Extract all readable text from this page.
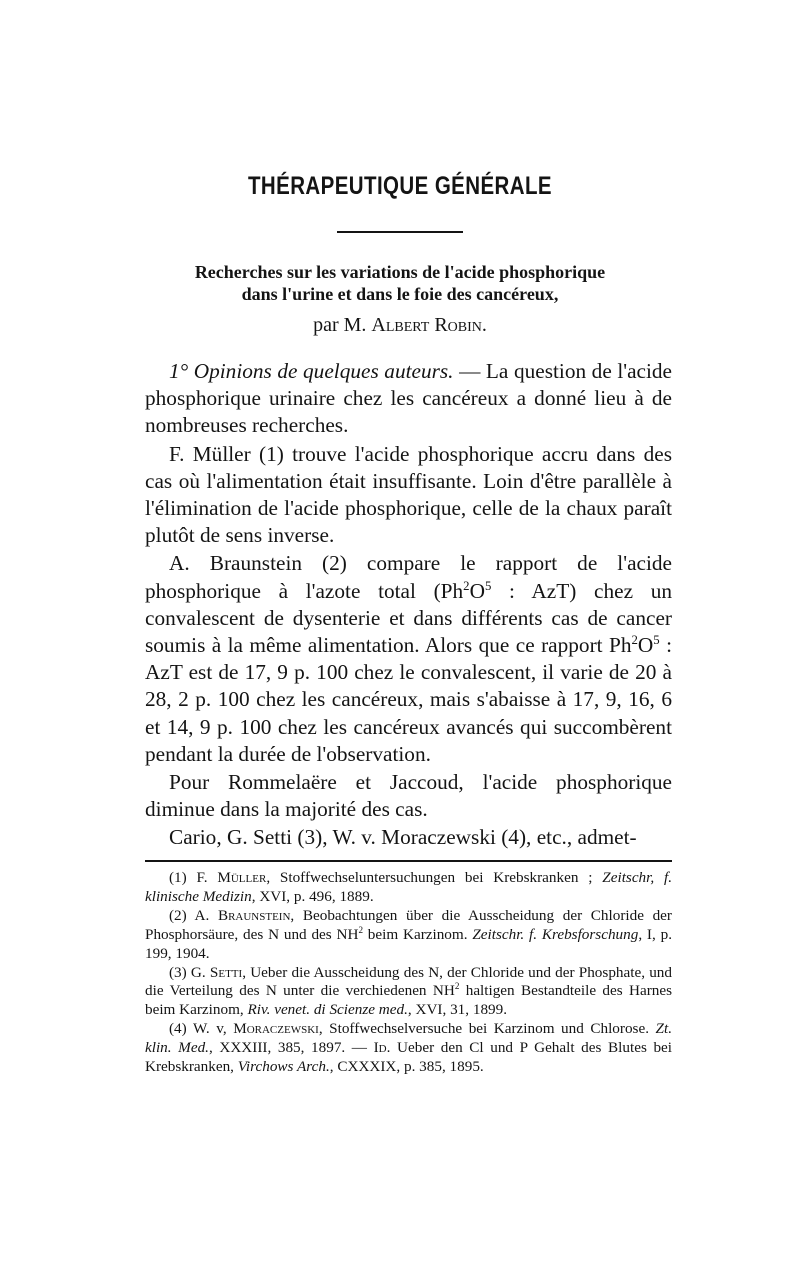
THÉRAPEUTIQUE GÉNÉRALE
Recherches sur les variations de l'acide phosphorique
dans l'urine et dans le foie des cancéreux,
par M. Albert Robin.

1° Opinions de quelques auteurs. — La question de l'acide phosphorique urinaire chez les cancéreux a donné lieu à de nombreuses recherches.

F. Müller (1) trouve l'acide phosphorique accru dans des cas où l'alimentation était insuffisante. Loin d'être parallèle à l'élimination de l'acide phosphorique, celle de la chaux paraît plutôt de sens inverse.

A. Braunstein (2) compare le rapport de l'acide phosphorique à l'azote total ($Ph^2O^5$ : AzT) chez un convalescent de dysenterie et dans différents cas de cancer soumis à la même alimentation. Alors que ce rapport $Ph^2O^5$ : AzT est de 17, 9 p. 100 chez le convalescent, il varie de 20 à 28, 2 p. 100 chez les cancéreux, mais s'abaisse à 17, 9, 16, 6 et 14, 9 p. 100 chez les cancéreux avancés qui succombèrent pendant la durée de l'observation.

Pour Rommelaëre et Jaccoud, l'acide phosphorique diminue dans la majorité des cas.

Cario, G. Setti (3), W. v. Moraczewski (4), etc., admet-

(1) F. Müller, Stoffwechseluntersuchungen bei Krebskranken ; Zeitschr, f. klinische Medizin, XVI, p. 496, 1889.

(2) A. Braunstein, Beobachtungen über die Ausscheidung der Chloride der Phosphorsäure, des N und des $NH^2$ beim Karzinom. Zeitschr. f. Krebsforschung, I, p. 199, 1904.

(3) G. Setti, Ueber die Ausscheidung des N, der Chloride und der Phosphate, und die Verteilung des N unter die verchiedenen $NH^2$ haltigen Bestandteile des Harnes beim Karzinom, Riv. venet. di Scienze med., XVI, 31, 1899.

(4) W. v, Moraczewski, Stoffwechselversuche bei Karzinom und Chlorose. Zt. klin. Med., XXXIII, 385, 1897. — Id. Ueber den Cl und P Gehalt des Blutes bei Krebskranken, Virchows Arch., CXXXIX, p. 385, 1895.
